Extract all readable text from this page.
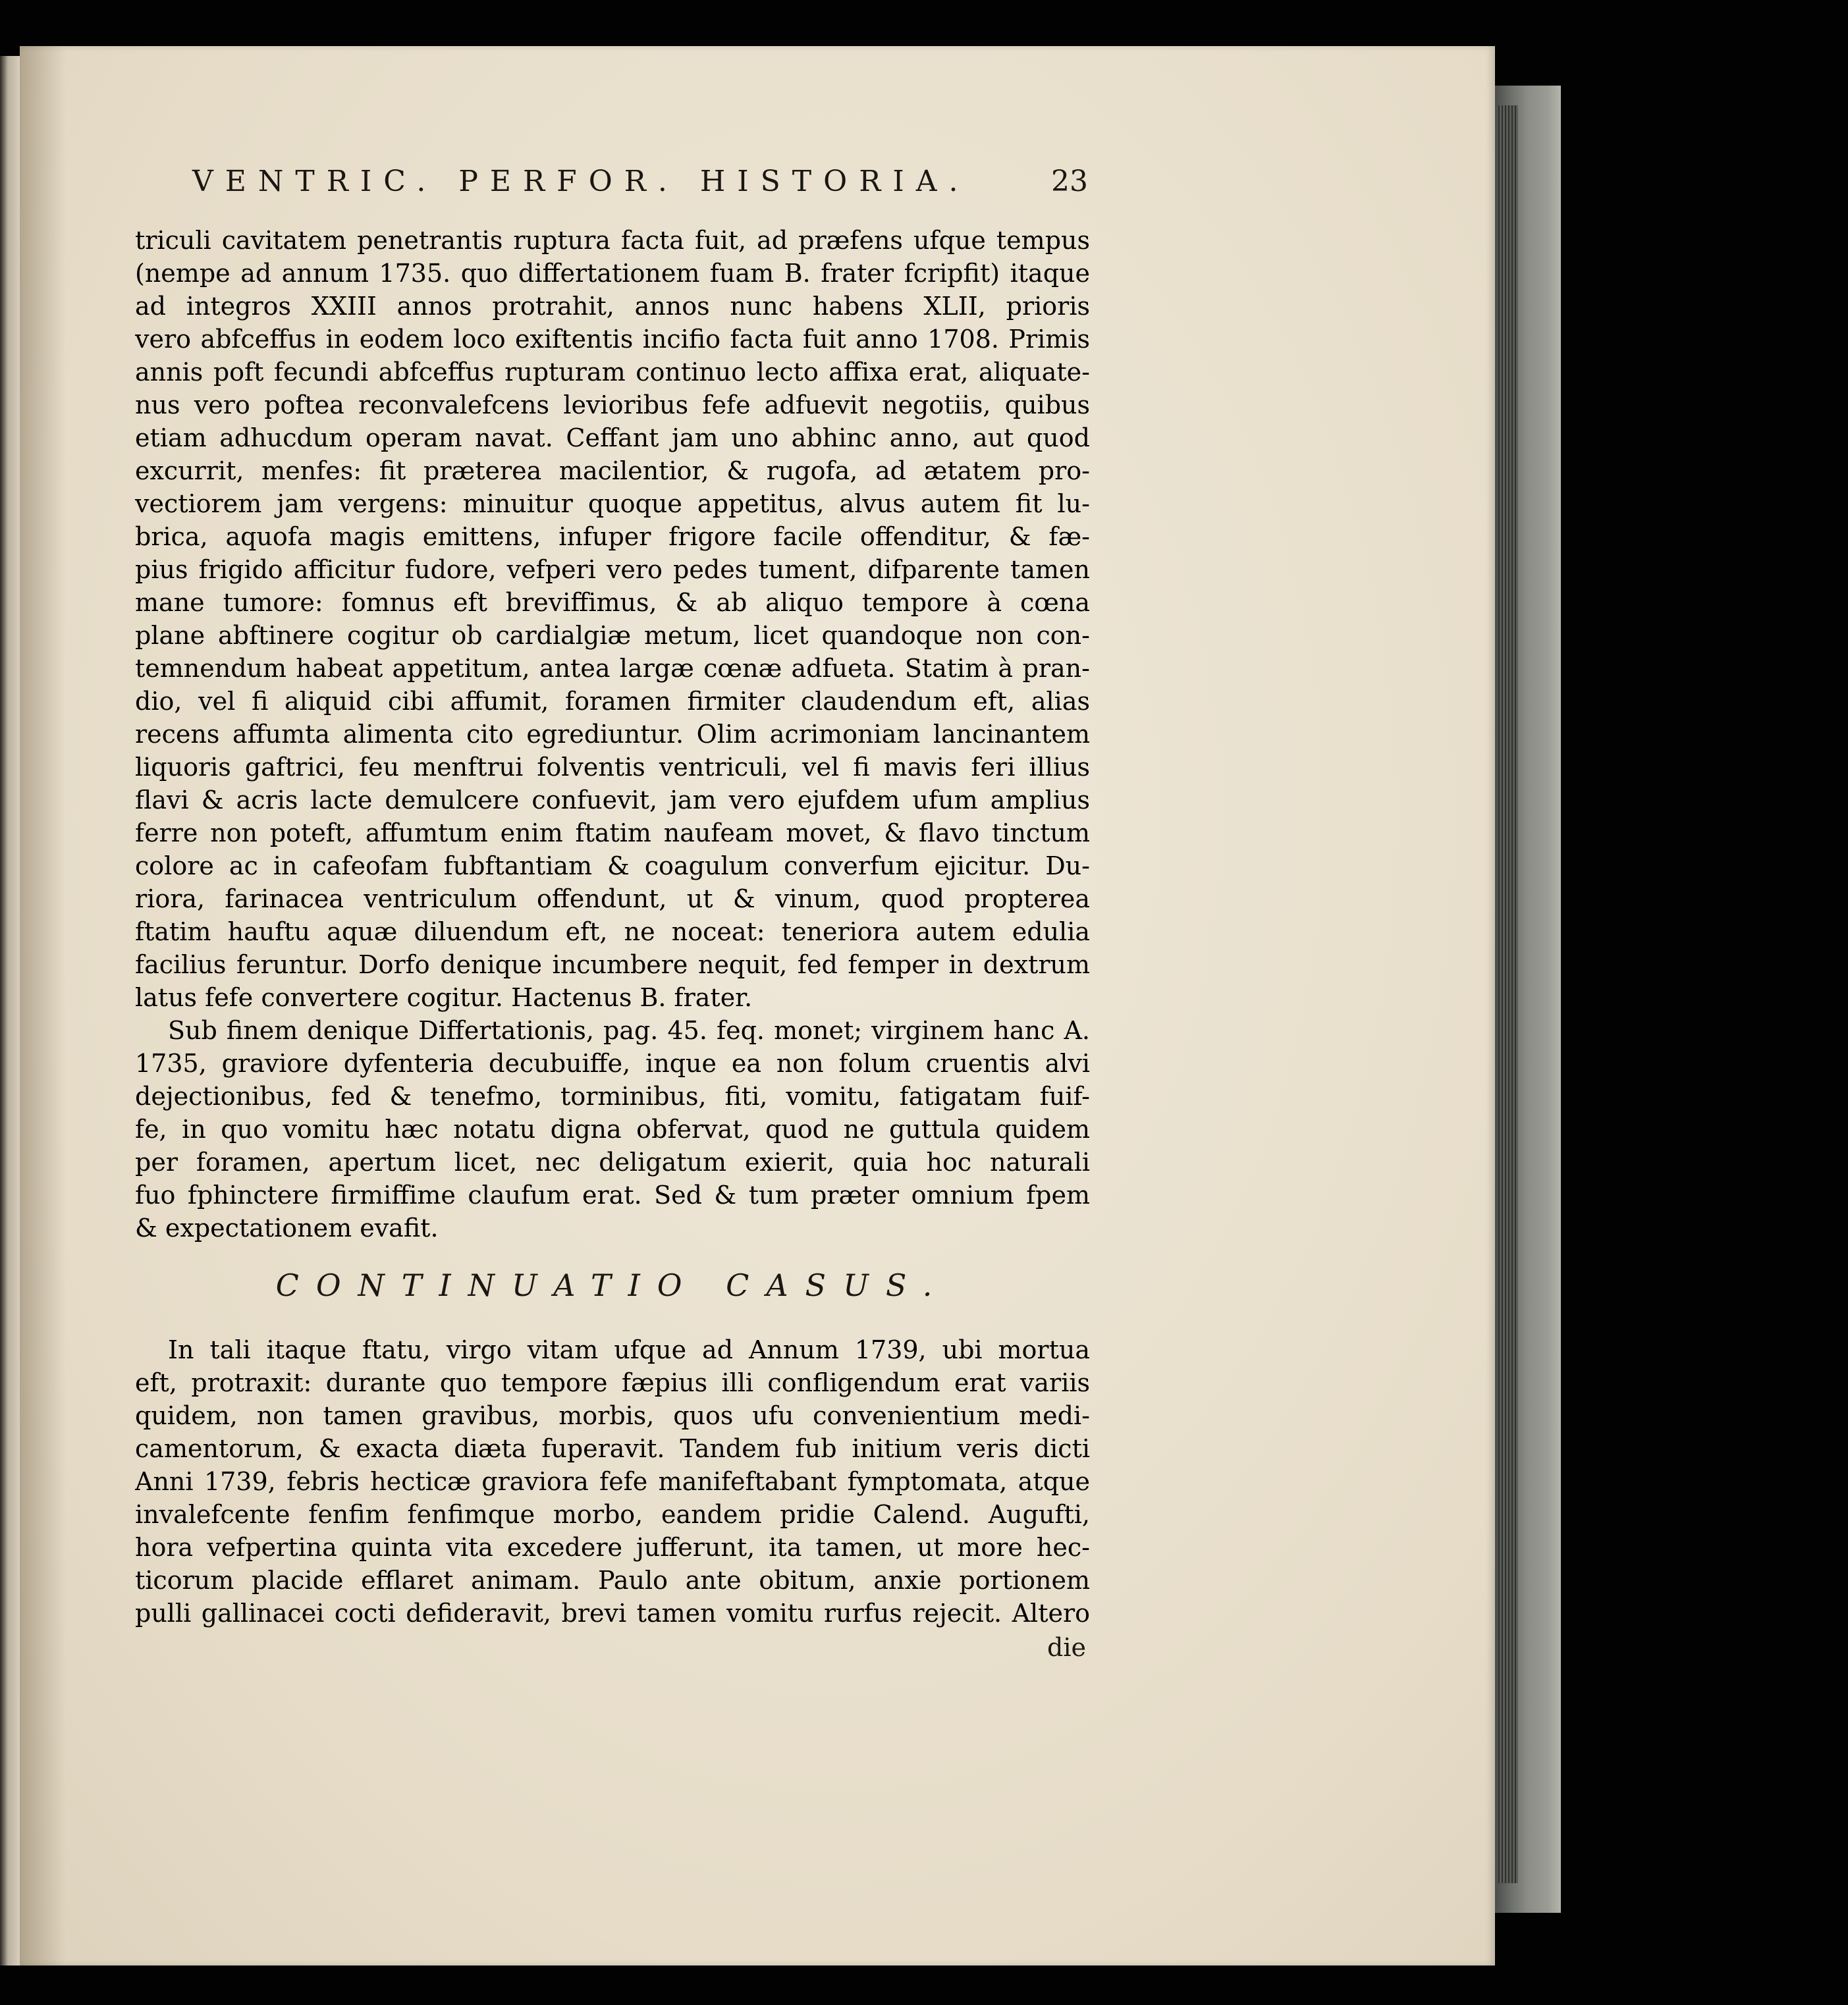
VENTRIC. PERFOR. HISTORIA.	23
triculi cavitatem penetrantis ruptura facta fuit, ad præfens ufque tempus
(nempe ad annum 1735. quo differtationem fuam B. frater fcripfit) itaque
ad integros XXIII annos protrahit, annos nunc habens XLII, prioris
vero abfceffus in eodem loco exiftentis incifio facta fuit anno 1708. Primis
annis poft fecundi abfceffus rupturam continuo lecto affixa erat, aliquate-
nus vero poftea reconvalefcens levioribus fefe adfuevit negotiis, quibus
etiam adhucdum operam navat. Ceffant jam uno abhinc anno, aut quod
excurrit, menfes: fit præterea macilentior, & rugofa, ad ætatem pro-
vectiorem jam vergens: minuitur quoque appetitus, alvus autem fit lu-
brica, aquofa magis emittens, infuper frigore facile offenditur, & fæ-
pius frigido afficitur fudore, vefperi vero pedes tument, difparente tamen
mane tumore: fomnus eft breviffimus, & ab aliquo tempore à cœna
plane abftinere cogitur ob cardialgiæ metum, licet quandoque non con-
temnendum habeat appetitum, antea largæ cœnæ adfueta. Statim à pran-
dio, vel fi aliquid cibi affumit, foramen firmiter claudendum eft, alias
recens affumta alimenta cito egrediuntur. Olim acrimoniam lancinantem
liquoris gaftrici, feu menftrui folventis ventriculi, vel fi mavis feri illius
flavi & acris lacte demulcere confuevit, jam vero ejufdem ufum amplius
ferre non poteft, affumtum enim ftatim naufeam movet, & flavo tinctum
colore ac in cafeofam fubftantiam & coagulum converfum ejicitur. Du-
riora, farinacea ventriculum offendunt, ut & vinum, quod propterea
ftatim hauftu aquæ diluendum eft, ne noceat: teneriora autem edulia
facilius feruntur. Dorfo denique incumbere nequit, fed femper in dextrum
latus fefe convertere cogitur. Hactenus B. frater.
Sub finem denique Differtationis, pag. 45. feq. monet; virginem hanc A.
1735, graviore dyfenteria decubuiffe, inque ea non folum cruentis alvi
dejectionibus, fed & tenefmo, torminibus, fiti, vomitu, fatigatam fuif-
fe, in quo vomitu hæc notatu digna obfervat, quod ne guttula quidem
per foramen, apertum licet, nec deligatum exierit, quia hoc naturali
fuo fphinctere firmiffime claufum erat. Sed & tum præter omnium fpem
& expectationem evafit.
CONTINUATIO CASUS.
In tali itaque ftatu, virgo vitam ufque ad Annum 1739, ubi mortua
eft, protraxit: durante quo tempore fæpius illi confligendum erat variis
quidem, non tamen gravibus, morbis, quos ufu convenientium medi-
camentorum, & exacta diæta fuperavit. Tandem fub initium veris dicti
Anni 1739, febris hecticæ graviora fefe manifeftabant fymptomata, atque
invalefcente fenfim fenfimque morbo, eandem pridie Calend. Augufti,
hora vefpertina quinta vita excedere jufferunt, ita tamen, ut more hec-
ticorum placide efflaret animam. Paulo ante obitum, anxie portionem
pulli gallinacei cocti defideravit, brevi tamen vomitu rurfus rejecit. Altero
die
